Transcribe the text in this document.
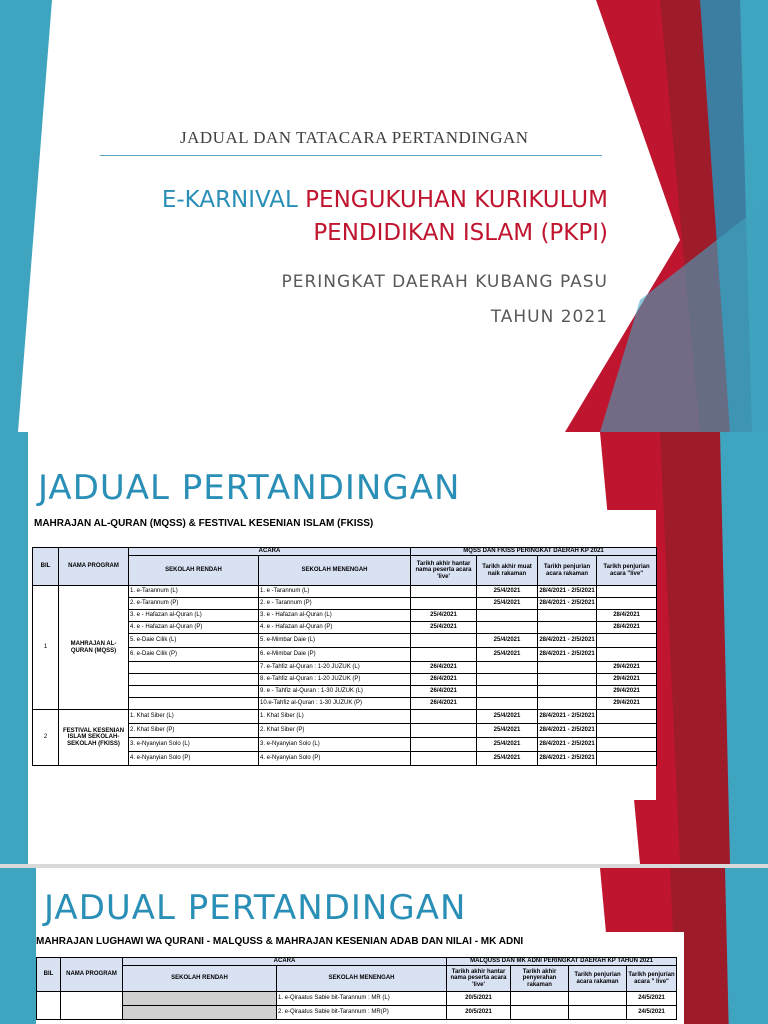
JADUAL DAN TATACARA PERTANDINGAN
E-KARNIVAL PENGUKUHAN KURIKULUM
PENDIDIKAN ISLAM (PKPI)
PERINGKAT DAERAH KUBANG PASU
TAHUN 2021
JADUAL PERTANDINGAN
MAHRAJAN AL-QURAN (MQSS) & FESTIVAL KESENIAN ISLAM (FKISS)
BIL	NAMA PROGRAM	ACARA		MQSS DAN FKISS PERINGKAT DAERAH KP 2021			
		SEKOLAH RENDAH	SEKOLAH MENENGAH	Tarikh akhir hantar nama peserta acara 'live'	Tarikh akhir muat naik rakaman	Tarikh penjurian acara rakaman	Tarikh penjurian acara "live"
1	MAHRAJAN AL-QURAN (MQSS)	1. e-Tarannum (L)	1. e -Tarannum (L)		25/4/2021	28/4/2021 - 2/5/2021	
		2. e-Tarannum (P)	2. e - Tarannum (P)		25/4/2021	28/4/2021 - 2/5/2021	
		3. e - Hafazan al-Quran (L)	3. e - Hafazan al-Quran (L)	25/4/2021			28/4/2021
		4. e - Hafazan al-Quran (P)	4. e - Hafazan al-Quran (P)	25/4/2021			28/4/2021
		5. e-Daie Cilik (L)	5. e-Mimbar Daie (L)		25/4/2021	28/4/2021 - 2/5/2021	
		6. e-Daie Cilik (P)	6. e-Mimbar Daie (P)		25/4/2021	28/4/2021 - 2/5/2021	
			7. e-Tahfiz al-Quran : 1-20 JUZUK (L)	26/4/2021			29/4/2021
			8. e-Tahfiz al-Quran : 1-20 JUZUK (P)	26/4/2021			29/4/2021
			9. e - Tahfiz al-Quran : 1-30 JUZUK (L)	26/4/2021			29/4/2021
			10.e-Tahfiz al-Quran : 1-30 JUZUK (P)	26/4/2021			29/4/2021
2	FESTIVAL KESENIAN ISLAM SEKOLAH-SEKOLAH (FKISS)	1. Khat Siber (L)	1. Khat Siber (L)		25/4/2021	28/4/2021 - 2/5/2021	
		2. Khat Siber (P)	2. Khat Siber (P)		25/4/2021	28/4/2021 - 2/5/2021	
		3. e-Nyanyian Solo (L)	3. e-Nyanyian Solo (L)		25/4/2021	28/4/2021 - 2/5/2021	
		4. e-Nyanyian Solo (P)	4. e-Nyanyian Solo (P)		25/4/2021	28/4/2021 - 2/5/2021	
JADUAL PERTANDINGAN
MAHRAJAN LUGHAWI WA QURANI - MALQUSS & MAHRAJAN KESENIAN ADAB DAN NILAI - MK ADNI
BIL	NAMA PROGRAM	ACARA		MALQUSS DAN MK ADNI PERINGKAT DAERAH KP TAHUN 2021			
		SEKOLAH RENDAH	SEKOLAH MENENGAH	Tarikh akhir hantar nama peserta acara 'live'	Tarikh akhir penyerahan rakaman	Tarikh penjurian acara rakaman	Tarikh penjurian acara " live"
			1. e-Qiraatus Sabie bit-Tarannum : MR (L)	20/5/2021			24/5/2021
			2. e-Qiraatus Sabie bit-Tarannum : MR(P)	20/5/2021			24/5/2021
